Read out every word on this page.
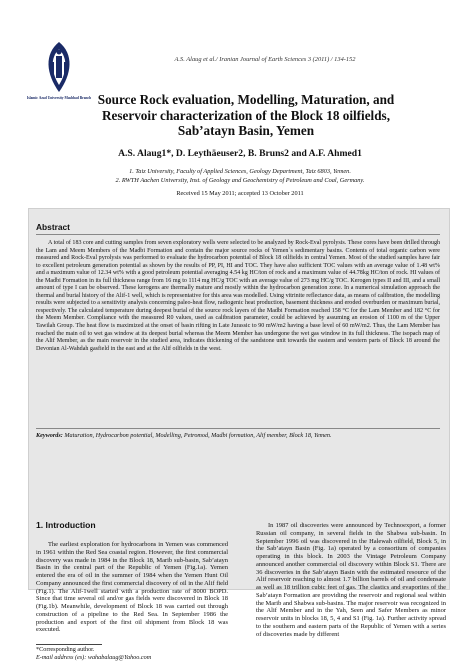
Islamic Azad University Mashhad Branch
A.S. Alaug et al./ Iranian Journal of Earth Sciences 3 (2011) / 134-152
Source Rock evaluation, Modelling, Maturation, and Reservoir characterization of the Block 18 oilfields, Sab’atayn Basin, Yemen
A.S. Alaug1*, D. Leythäeuser2, B. Bruns2 and A.F. Ahmed1
1. Taiz University, Faculty of Applied Sciences, Geology Department, Taiz 6803, Yemen.
2. RWTH Aachen University, Inst. of Geology and Geochemistry of Petroleum and Coal, Germany.
Received 15 May 2011; accepted 13 October 2011
Abstract

A total of 183 core and cutting samples from seven exploratory wells were selected to be analyzed by Rock-Eval pyrolysis. These cores have been drilled through the Lam and Meem Members of the Madbi Formation and contain the major source rocks of Yemen`s sedimentary basins. Contents of total organic carbon were measured and Rock-Eval pyrolysis was performed to evaluate the hydrocarbon potential of Block 18 oilfields in central Yemen. Most of the studied samples have fair to excellent petroleum generation potential as shown by the results of PP, PI, HI and TOC. They have also sufficient TOC values with an average value of 1.48 wt% and a maximum value of 12.34 wt% with a good petroleum potential averaging 4.54 kg HC/ton of rock and a maximum value of 44.78kg HC/ton of rock. HI values of the Madbi Formation in its full thickness range from 16 mg to 1114 mg HC/g TOC with an average value of 273 mg HC/g TOC. Kerogen types II and III, and a small amount of type I can be observed. These kerogens are thermally mature and mostly within the hydrocarbon generation zone. In a numerical simulation approach the thermal and burial history of the Alif-1 well, which is representative for this area was modelled. Using vitrinite reflectance data, as means of calibration, the modelling results were subjected to a sensitivity analysis concerning paleo-heat flow, radiogenic heat production, basement thickness and eroded overburden or maximum burial, respectively. The calculated temperature during deepest burial of the source rock layers of the Madbi Formation reached 158 °C for the Lam Member and 182 °C for the Meem Member. Compliance with the measured R0 values, used as calibration parameter, could be achieved by assuming an erosion of 1100 m of the Upper Tawilah Group. The heat flow is maximized at the onset of basin rifting in Late Jurassic to 90 mW/m2 having a base level of 60 mW/m2. Thus, the Lam Member has reached the main oil to wet gas window at its deepest burial whereas the Meem Member has undergone the wet gas window in its full thickness. The isopach map of the Alif Member, as the main reservoir in the studied area, indicates thickening of the sandstone unit towards the eastern and western parts of Block 18 around the Devonian Al-Wahdah gasfield in the east and at the Alif oilfields in the west.

Keywords: Maturation, Hydrocarbon potential, Modelling, Petromod, Madbi formation, Alif member, Block 18, Yemen.
1. Introduction

The earliest exploration for hydrocarbons in Yemen was commenced in 1961 within the Red Sea coastal region. However, the first commercial discovery was made in 1984 in the Block 18, Marib sub-basin, Sab’atayn Basin in the central part of the Republic of Yemen (Fig.1a). Yemen entered the era of oil in the summer of 1984 when the Yemen Hunt Oil Company announced the first commercial discovery of oil in the Alif field (Fig.1). The Alif-1well started with a production rate of 8000 BOPD. Since that time several oil and/or gas fields were discovered in Block 18 (Fig.1b). Meanwhile, development of Block 18 was carried out through construction of a pipeline to the Red Sea. In September 1986 the production and export of the first oil shipment from Block 18 was executed.

In 1987 oil discoveries were announced by Technoexport, a former Russian oil company, in several fields in the Shabwa sub-basin. In September 1996 oil was discovered in the Halewah oilfield, Block 5, in the Sab’atayn Basin (Fig. 1a) operated by a consortium of companies operating in this block. In 2003 the Vintage Petroleum Company announced another commercial oil discovery within Block S1. There are 36 discoveries in the Sab’atayn Basin with the estimated resource of the Alif reservoir reaching to almost 1.7 billion barrels of oil and condensate as well as 18 trillion cubic feet of gas. The clastics and evaporites of the Sab’atayn Formation are providing the reservoir and regional seal within the Marib and Shabwa sub-basins. The major reservoir was recognized in the Alif Member and in the Yah, Seen and Safer Members as minor reservoir units in blocks 18, 5, 4 and S1 (Fig. 1a). Further activity spread to the southern and eastern parts of the Republic of Yemen with a series of discoveries made by different

*Corresponding author.
E-mail address (es): wahabalaug@Yahoo.com
